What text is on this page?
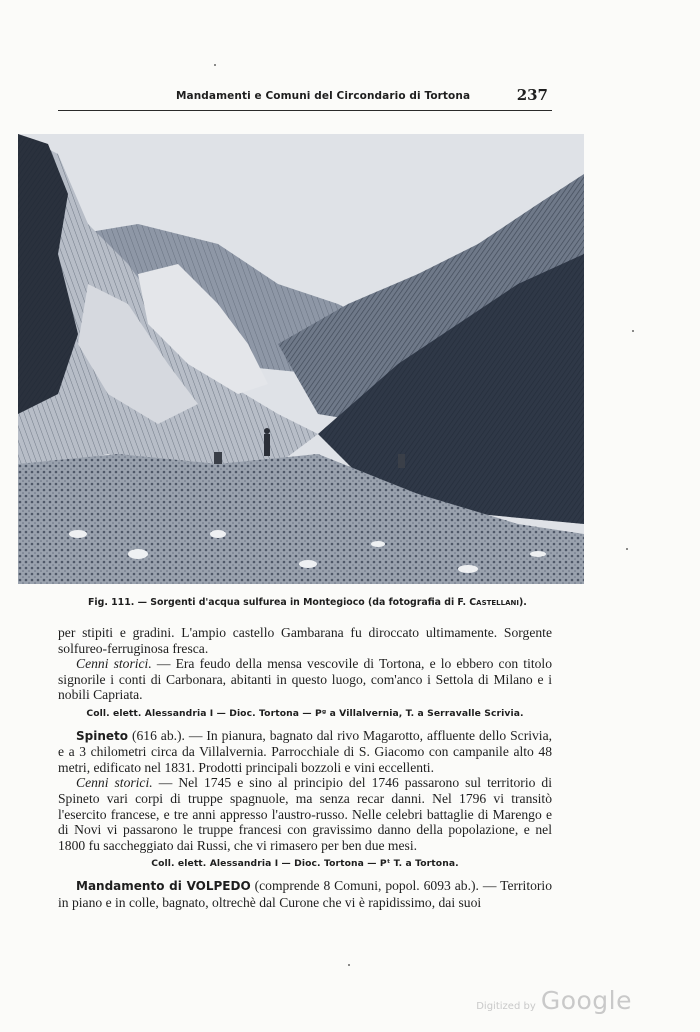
Mandamenti e Comuni del Circondario di Tortona	237
Fig. 111. — Sorgenti d'acqua sulfurea in Montegioco (da fotografia di F. Castellani).

per stipiti e gradini. L'ampio castello Gambarana fu diroccato ultimamente. Sorgente solfureo-ferruginosa fresca.

Cenni storici. — Era feudo della mensa vescovile di Tortona, e lo ebbero con titolo signorile i conti di Carbonara, abitanti in questo luogo, com'anco i Settola di Milano e i nobili Capriata.

Coll. elett. Alessandria I — Dioc. Tortona — Pᵍ a Villalvernia, T. a Serravalle Scrivia.

Spineto (616 ab.). — In pianura, bagnato dal rivo Magarotto, affluente dello Scrivia, e a 3 chilometri circa da Villalvernia. Parrocchiale di S. Giacomo con campanile alto 48 metri, edificato nel 1831. Prodotti principali bozzoli e vini eccellenti.

Cenni storici. — Nel 1745 e sino al principio del 1746 passarono sul territorio di Spineto vari corpi di truppe spagnuole, ma senza recar danni. Nel 1796 vi transitò l'esercito francese, e tre anni appresso l'austro-russo. Nelle celebri battaglie di Marengo e di Novi vi passarono le truppe francesi con gravissimo danno della popolazione, e nel 1800 fu saccheggiato dai Russi, che vi rimasero per ben due mesi.

Coll. elett. Alessandria I — Dioc. Tortona — Pᵗ T. a Tortona.

Mandamento di VOLPEDO (comprende 8 Comuni, popol. 6093 ab.). — Territorio in piano e in colle, bagnato, oltrechè dal Curone che vi è rapidissimo, dai suoi

Digitized by Google
